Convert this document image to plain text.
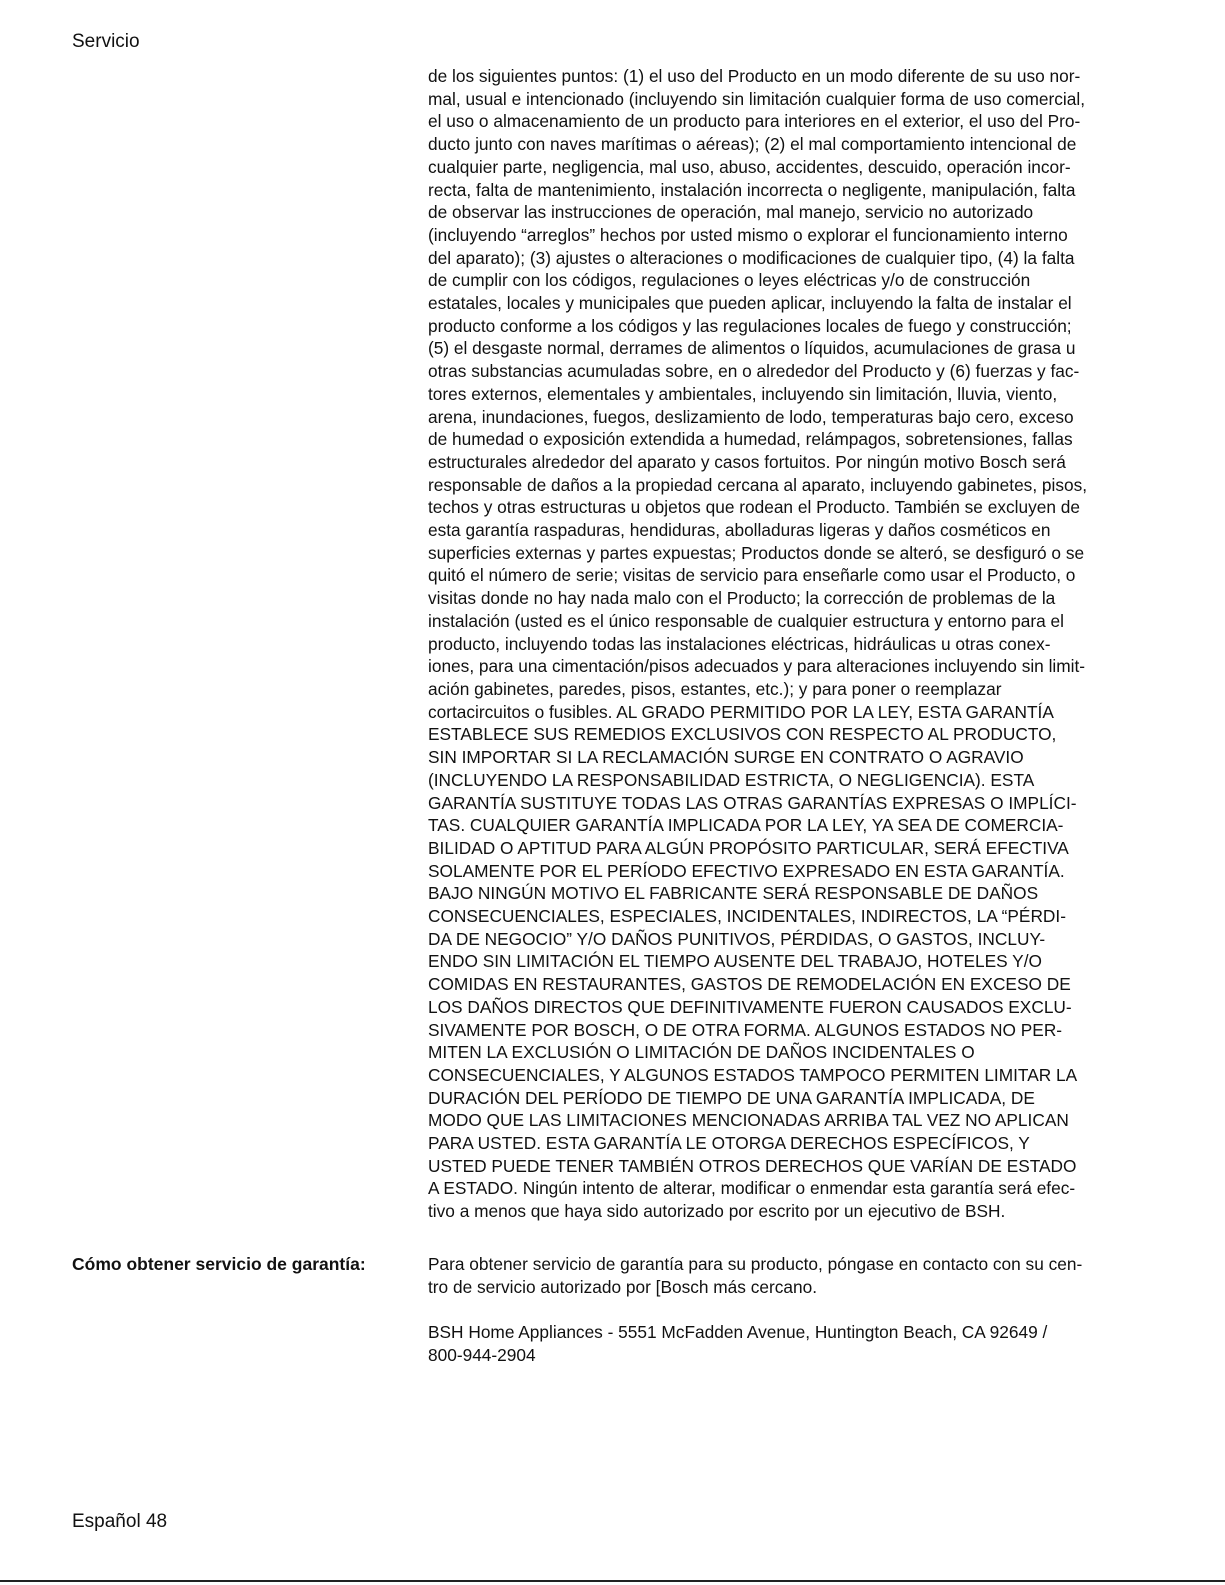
Servicio
de los siguientes puntos: (1) el uso del Producto en un modo diferente de su uso nor-
mal, usual e intencionado (incluyendo sin limitación cualquier forma de uso comercial,
el uso o almacenamiento de un producto para interiores en el exterior, el uso del Pro-
ducto junto con naves marítimas o aéreas); (2) el mal comportamiento intencional de
cualquier parte, negligencia, mal uso, abuso, accidentes, descuido, operación incor-
recta, falta de mantenimiento, instalación incorrecta o negligente, manipulación, falta
de observar las instrucciones de operación, mal manejo, servicio no autorizado
(incluyendo “arreglos” hechos por usted mismo o explorar el funcionamiento interno
del aparato); (3) ajustes o alteraciones o modificaciones de cualquier tipo, (4) la falta
de cumplir con los códigos, regulaciones o leyes eléctricas y/o de construcción
estatales, locales y municipales que pueden aplicar, incluyendo la falta de instalar el
producto conforme a los códigos y las regulaciones locales de fuego y construcción;
(5) el desgaste normal, derrames de alimentos o líquidos, acumulaciones de grasa u
otras substancias acumuladas sobre, en o alrededor del Producto y (6) fuerzas y fac-
tores externos, elementales y ambientales, incluyendo sin limitación, lluvia, viento,
arena, inundaciones, fuegos, deslizamiento de lodo, temperaturas bajo cero, exceso
de humedad o exposición extendida a humedad, relámpagos, sobretensiones, fallas
estructurales alrededor del aparato y casos fortuitos. Por ningún motivo Bosch será
responsable de daños a la propiedad cercana al aparato, incluyendo gabinetes, pisos,
techos y otras estructuras u objetos que rodean el Producto. También se excluyen de
esta garantía raspaduras, hendiduras, abolladuras ligeras y daños cosméticos en
superficies externas y partes expuestas; Productos donde se alteró, se desfiguró o se
quitó el número de serie; visitas de servicio para enseñarle como usar el Producto, o
visitas donde no hay nada malo con el Producto; la corrección de problemas de la
instalación (usted es el único responsable de cualquier estructura y entorno para el
producto, incluyendo todas las instalaciones eléctricas, hidráulicas u otras conex-
iones, para una cimentación/pisos adecuados y para alteraciones incluyendo sin limit-
ación gabinetes, paredes, pisos, estantes, etc.); y para poner o reemplazar
cortacircuitos o fusibles. AL GRADO PERMITIDO POR LA LEY, ESTA GARANTÍA
ESTABLECE SUS REMEDIOS EXCLUSIVOS CON RESPECTO AL PRODUCTO,
SIN IMPORTAR SI LA RECLAMACIÓN SURGE EN CONTRATO O AGRAVIO
(INCLUYENDO LA RESPONSABILIDAD ESTRICTA, O NEGLIGENCIA). ESTA
GARANTÍA SUSTITUYE TODAS LAS OTRAS GARANTÍAS EXPRESAS O IMPLÍCI-
TAS. CUALQUIER GARANTÍA IMPLICADA POR LA LEY, YA SEA DE COMERCIA-
BILIDAD O APTITUD PARA ALGÚN PROPÓSITO PARTICULAR, SERÁ EFECTIVA
SOLAMENTE POR EL PERÍODO EFECTIVO EXPRESADO EN ESTA GARANTÍA.
BAJO NINGÚN MOTIVO EL FABRICANTE SERÁ RESPONSABLE DE DAÑOS
CONSECUENCIALES, ESPECIALES, INCIDENTALES, INDIRECTOS, LA “PÉRDI-
DA DE NEGOCIO” Y/O DAÑOS PUNITIVOS, PÉRDIDAS, O GASTOS, INCLUY-
ENDO SIN LIMITACIÓN EL TIEMPO AUSENTE DEL TRABAJO, HOTELES Y/O
COMIDAS EN RESTAURANTES, GASTOS DE REMODELACIÓN EN EXCESO DE
LOS DAÑOS DIRECTOS QUE DEFINITIVAMENTE FUERON CAUSADOS EXCLU-
SIVAMENTE POR BOSCH, O DE OTRA FORMA. ALGUNOS ESTADOS NO PER-
MITEN LA EXCLUSIÓN O LIMITACIÓN DE DAÑOS INCIDENTALES O
CONSECUENCIALES, Y ALGUNOS ESTADOS TAMPOCO PERMITEN LIMITAR LA
DURACIÓN DEL PERÍODO DE TIEMPO DE UNA GARANTÍA IMPLICADA, DE
MODO QUE LAS LIMITACIONES MENCIONADAS ARRIBA TAL VEZ NO APLICAN
PARA USTED. ESTA GARANTÍA LE OTORGA DERECHOS ESPECÍFICOS, Y
USTED PUEDE TENER TAMBIÉN OTROS DERECHOS QUE VARÍAN DE ESTADO
A ESTADO. Ningún intento de alterar, modificar o enmendar esta garantía será efec-
tivo a menos que haya sido autorizado por escrito por un ejecutivo de BSH.
Cómo obtener servicio de garantía:	Para obtener servicio de garantía para su producto, póngase en contacto con su cen-
tro de servicio autorizado por [Bosch más cercano.
BSH Home Appliances - 5551 McFadden Avenue, Huntington Beach, CA 92649 /
800-944-2904
Español 48
